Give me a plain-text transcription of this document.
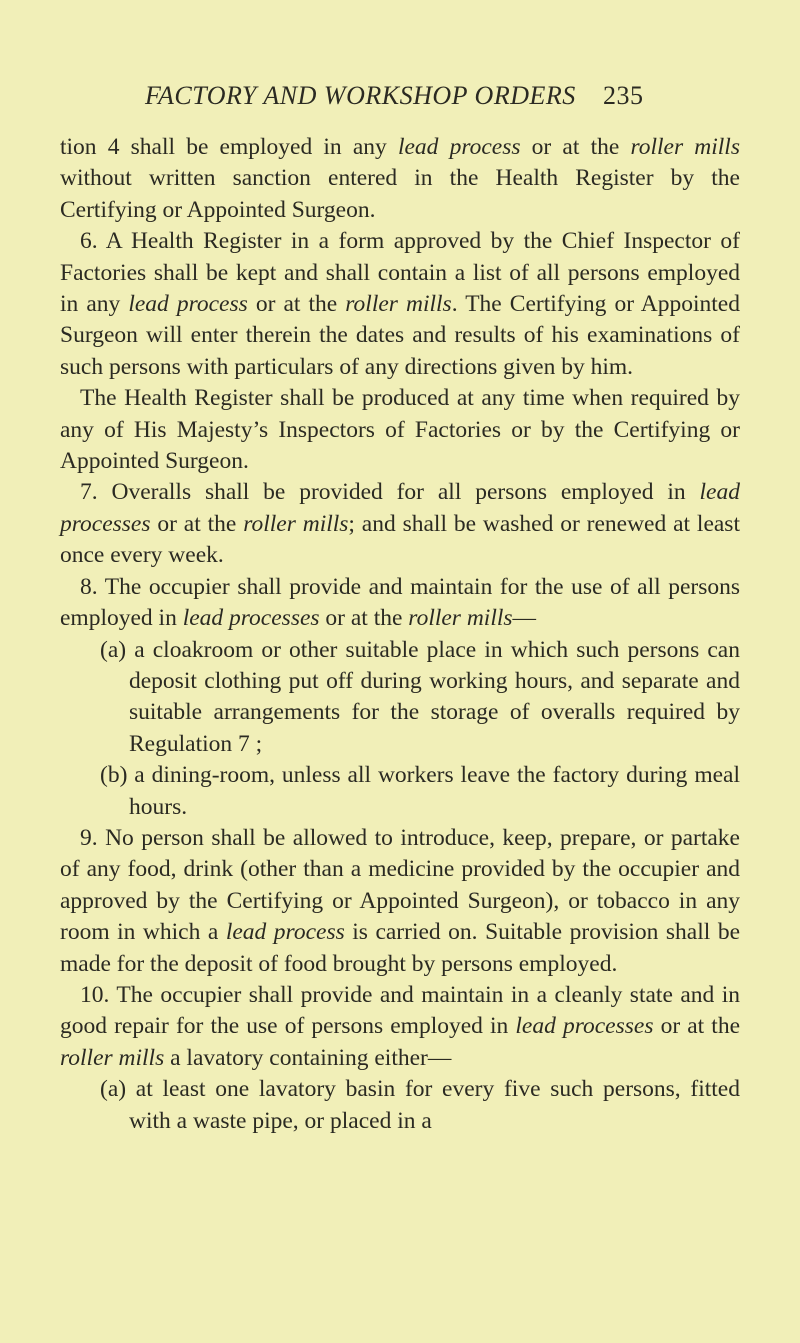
FACTORY AND WORKSHOP ORDERS 235

tion 4 shall be employed in any lead process or at the roller mills without written sanction entered in the Health Register by the Certifying or Appointed Surgeon.

6. A Health Register in a form approved by the Chief Inspector of Factories shall be kept and shall contain a list of all persons employed in any lead process or at the roller mills. The Certifying or Appointed Surgeon will enter therein the dates and results of his examinations of such persons with particulars of any directions given by him.

The Health Register shall be produced at any time when required by any of His Majesty’s Inspectors of Factories or by the Certifying or Appointed Surgeon.

7. Overalls shall be provided for all persons employed in lead processes or at the roller mills; and shall be washed or renewed at least once every week.

8. The occupier shall provide and maintain for the use of all persons employed in lead processes or at the roller mills—

(a) a cloakroom or other suitable place in which such persons can deposit clothing put off during working hours, and separate and suitable arrangements for the storage of overalls required by Regulation 7 ;

(b) a dining-room, unless all workers leave the factory during meal hours.

9. No person shall be allowed to introduce, keep, prepare, or partake of any food, drink (other than a medicine provided by the occupier and approved by the Certifying or Appointed Surgeon), or tobacco in any room in which a lead process is carried on. Suitable provision shall be made for the deposit of food brought by persons employed.

10. The occupier shall provide and maintain in a cleanly state and in good repair for the use of persons employed in lead processes or at the roller mills a lavatory containing either—

(a) at least one lavatory basin for every five such persons, fitted with a waste pipe, or placed in a
